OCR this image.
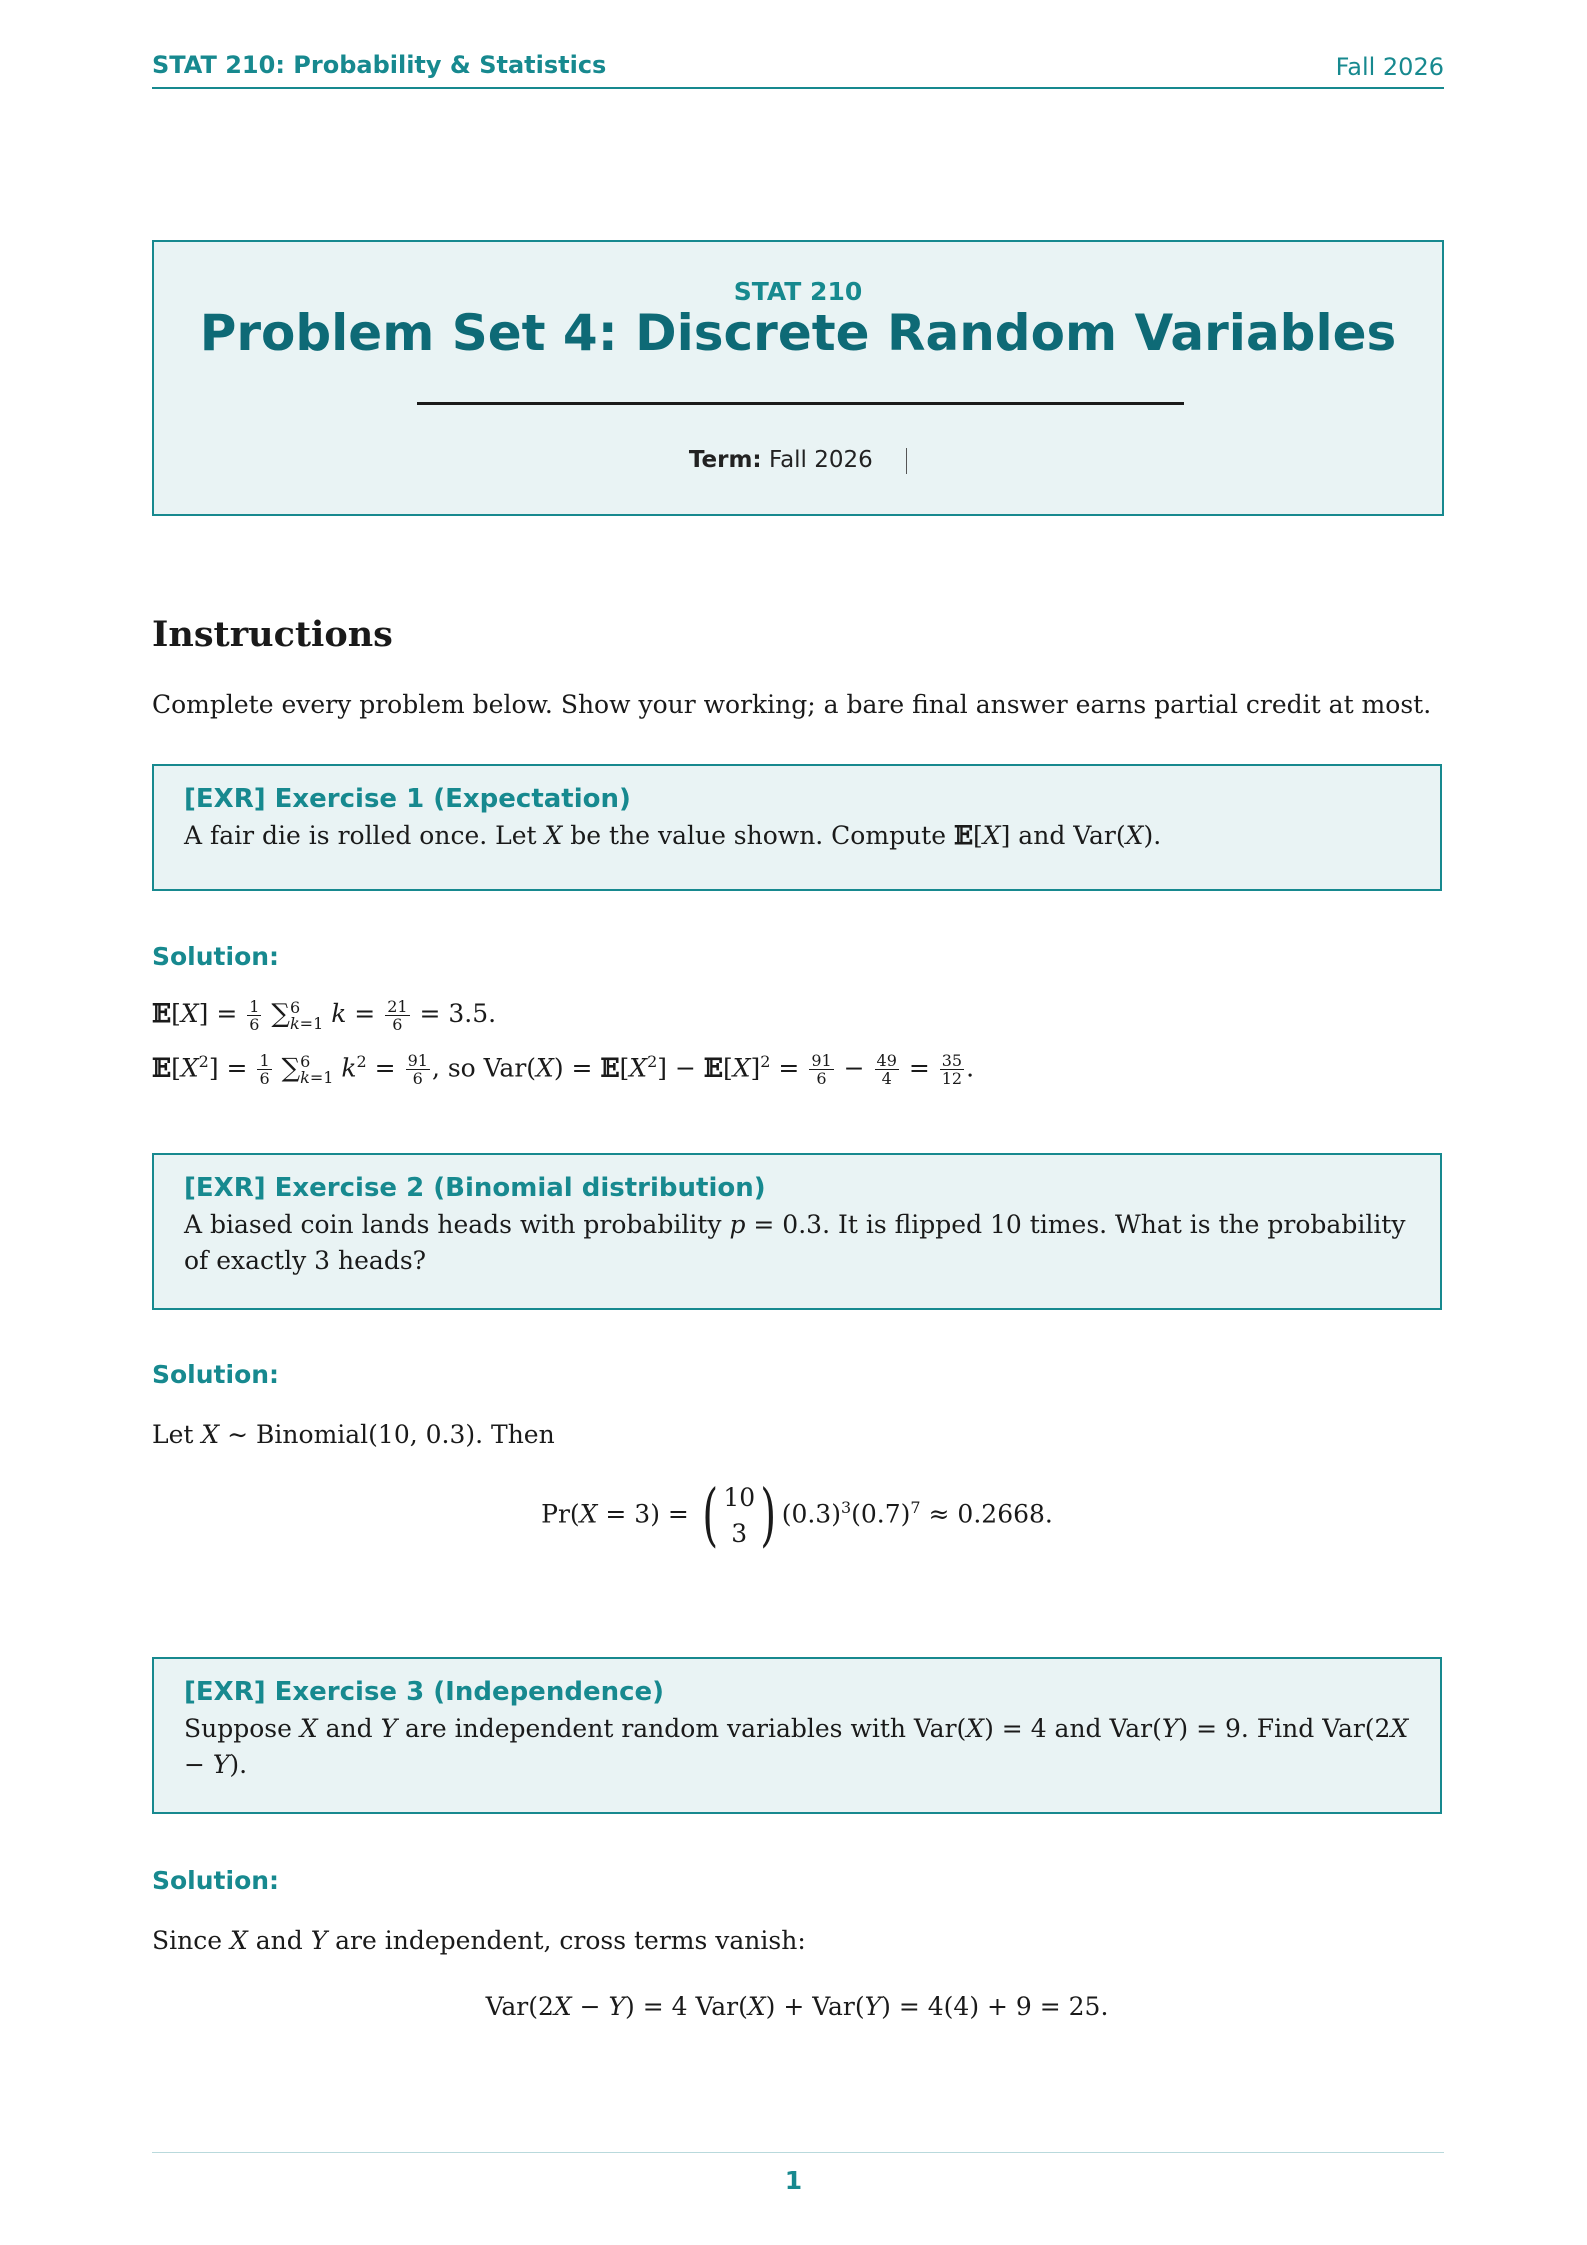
STAT 210: Probability & Statistics	Fall 2026
STAT 210
Problem Set 4: Discrete Random Variables
Term: Fall 2026
Instructions
Complete every problem below. Show your working; a bare final answer earns partial credit at most.
[EXR] Exercise 1 (Expectation)
A fair die is rolled once. Let X be the value shown. Compute 𝔼[X] and Var(X).
Solution:
𝔼[X] = $\frac{1}{6} \sum 6$
k=1 $k = \frac{21}{6} = 3.5$.
$𝔼[X^2] = \frac{1}{6} \sum 6$
k=1 $k^2 = \frac{91}{6}$ , so $Var(X) = 𝔼[X^2]$ − $𝔼[X]^2 = \frac{91}{6} - \frac{49}{4} = \frac{35}{12}$ .
[EXR] Exercise 2 (Binomial distribution)
A biased coin lands heads with probability p = 0.3. It is flipped 10 times. What is the probability of exactly 3 heads?
Solution:
Let X ∼ Binomial(10, 0.3). Then
Pr(X = 3) = ( 10
3 ) $(0.3)^3(0.7)^7 \approx 0.2668$.
[EXR] Exercise 3 (Independence)
Suppose X and Y are independent random variables with Var(X) = 4 and Var(Y) = 9. Find Var(2X − Y).
Solution:
Since X and Y are independent, cross terms vanish:
Var(2X − Y) = 4 Var(X) + Var(Y) = 4(4) + 9 = 25.
1
